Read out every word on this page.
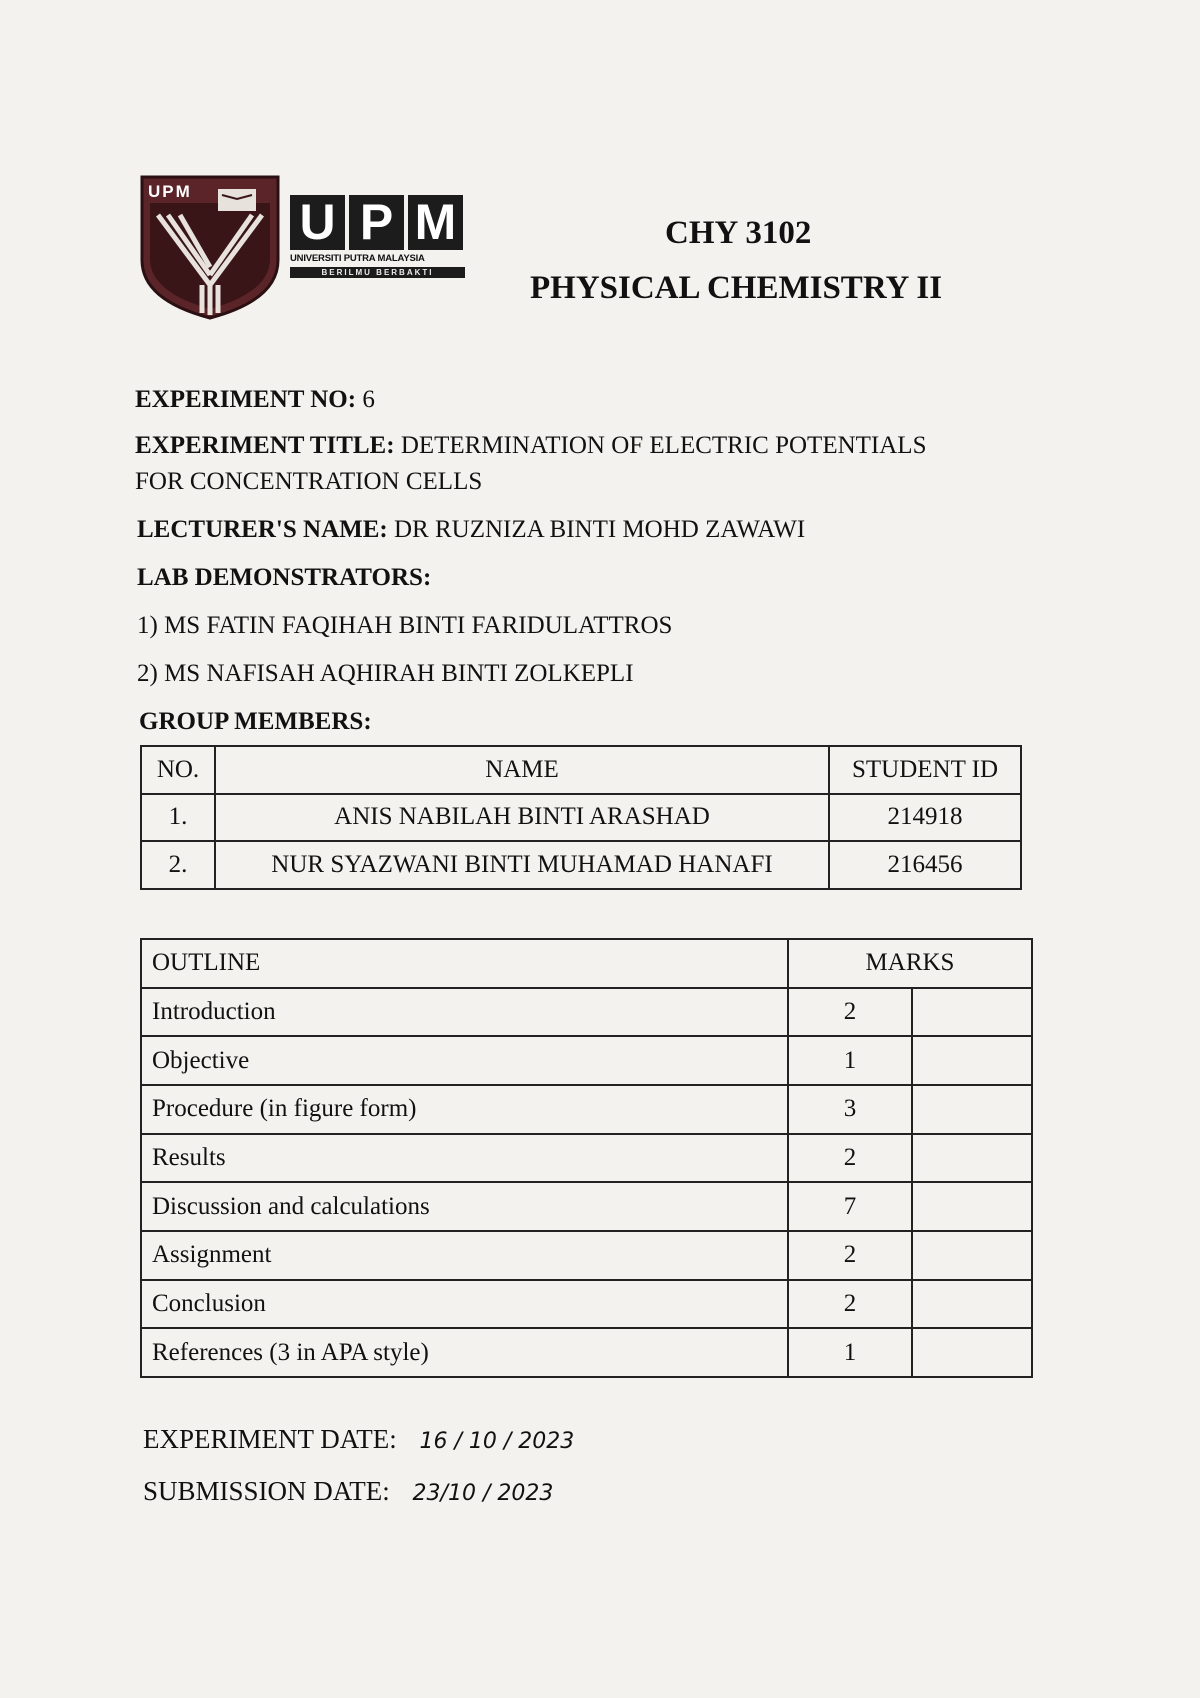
UPM
U P M
UNIVERSITI PUTRA MALAYSIA
BERILMU BERBAKTI
CHY 3102
PHYSICAL CHEMISTRY II
EXPERIMENT NO: 6
EXPERIMENT TITLE: DETERMINATION OF ELECTRIC POTENTIALS
FOR CONCENTRATION CELLS
LECTURER'S NAME: DR RUZNIZA BINTI MOHD ZAWAWI
LAB DEMONSTRATORS:
1) MS FATIN FAQIHAH BINTI FARIDULATTROS
2) MS NAFISAH AQHIRAH BINTI ZOLKEPLI
GROUP MEMBERS:
NO.	NAME	STUDENT ID
1.	ANIS NABILAH BINTI ARASHAD	214918
2.	NUR SYAZWANI BINTI MUHAMAD HANAFI	216456
OUTLINE	MARKS	
Introduction	2	
Objective	1	
Procedure (in figure form)	3	
Results	2	
Discussion and calculations	7	
Assignment	2	
Conclusion	2	
References (3 in APA style)	1	
EXPERIMENT DATE: 16 / 10 / 2023
SUBMISSION DATE: 23/10 / 2023
